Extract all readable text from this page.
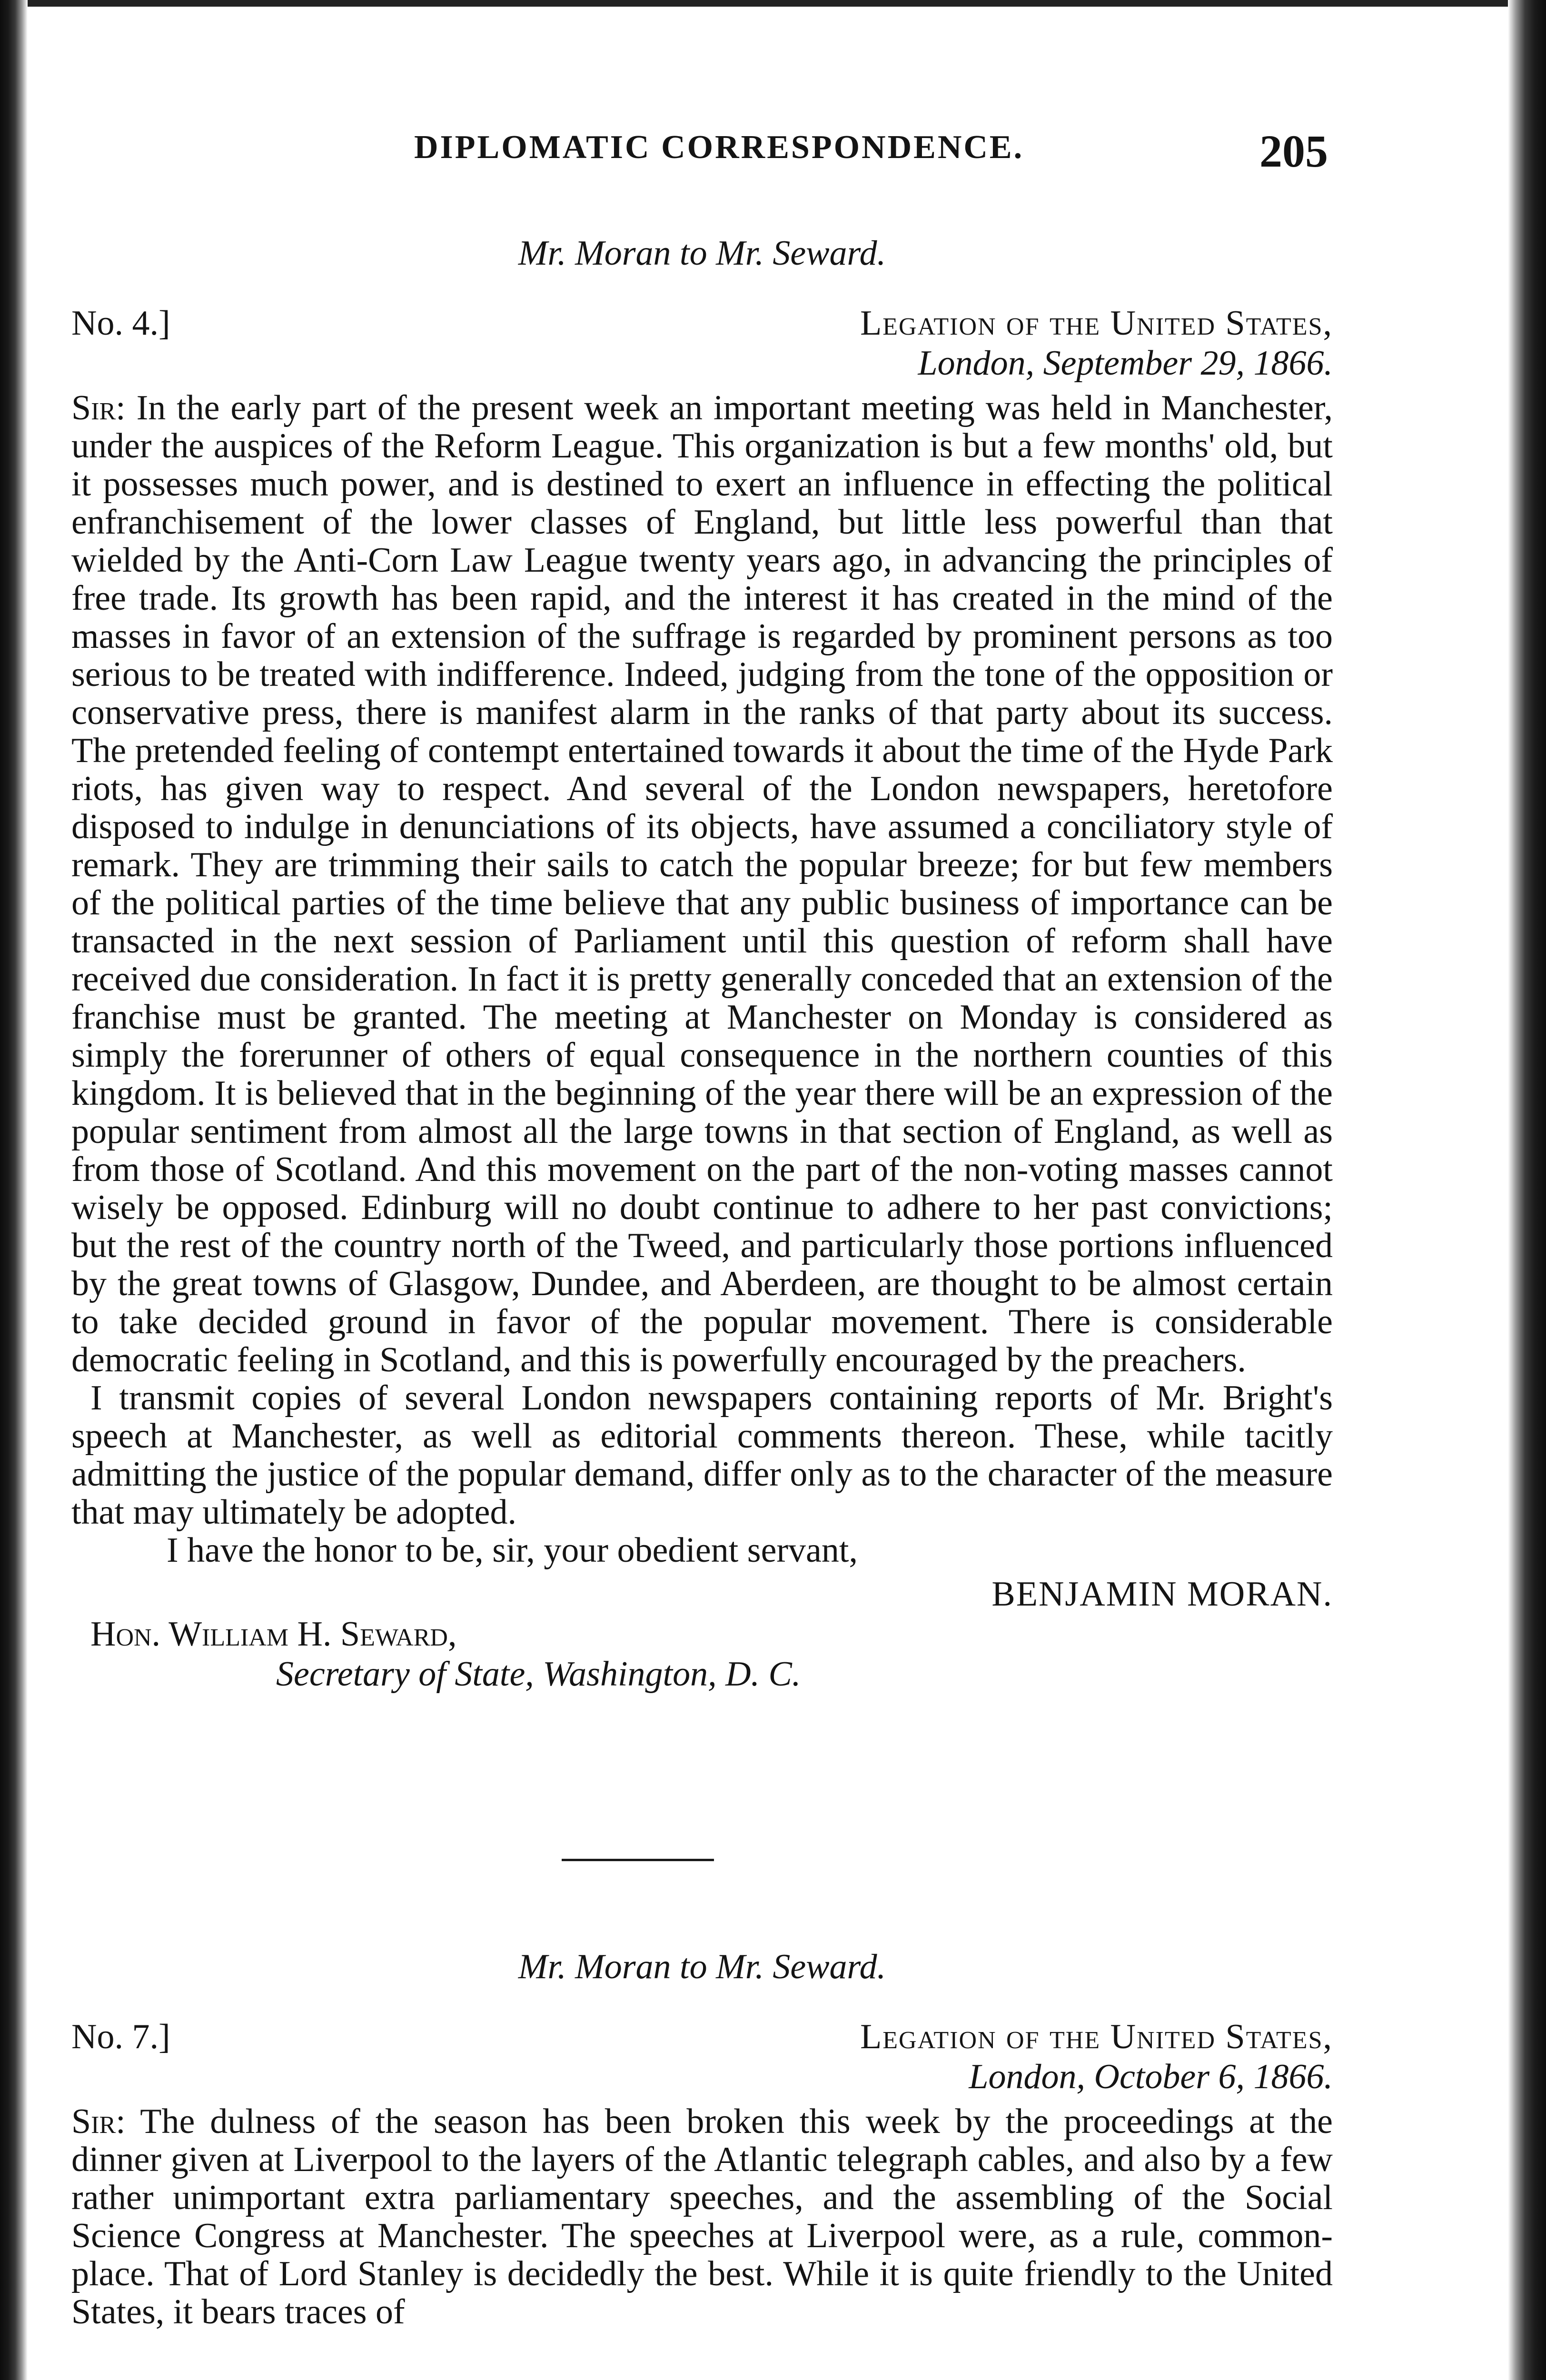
DIPLOMATIC CORRESPONDENCE.	205
Mr. Moran to Mr. Seward.
No. 4.]	Legation of the United States,
London, September 29, 1866.

Sir: In the early part of the present week an important meeting was held in Manchester, under the auspices of the Reform League. This organization is but a few months' old, but it possesses much power, and is destined to exert an influence in effecting the political enfranchisement of the lower classes of England, but little less powerful than that wielded by the Anti-Corn Law League twenty years ago, in advancing the principles of free trade. Its growth has been rapid, and the interest it has created in the mind of the masses in favor of an extension of the suffrage is regarded by prominent persons as too serious to be treated with indifference. Indeed, judging from the tone of the opposition or conservative press, there is manifest alarm in the ranks of that party about its success. The pretended feeling of contempt entertained towards it about the time of the Hyde Park riots, has given way to respect. And several of the London newspapers, heretofore disposed to indulge in denunciations of its objects, have assumed a conciliatory style of remark. They are trimming their sails to catch the popular breeze; for but few members of the political parties of the time believe that any public business of importance can be transacted in the next session of Parliament until this question of reform shall have received due consideration. In fact it is pretty generally conceded that an extension of the franchise must be granted. The meeting at Manchester on Monday is considered as simply the forerunner of others of equal consequence in the northern counties of this kingdom. It is believed that in the beginning of the year there will be an expression of the popular sentiment from almost all the large towns in that section of England, as well as from those of Scotland. And this movement on the part of the non-voting masses cannot wisely be opposed. Edinburg will no doubt continue to adhere to her past convictions; but the rest of the country north of the Tweed, and particularly those portions influenced by the great towns of Glasgow, Dundee, and Aberdeen, are thought to be almost certain to take decided ground in favor of the popular movement. There is considerable democratic feeling in Scotland, and this is powerfully encouraged by the preachers.

I transmit copies of several London newspapers containing reports of Mr. Bright's speech at Manchester, as well as editorial comments thereon. These, while tacitly admitting the justice of the popular demand, differ only as to the character of the measure that may ultimately be adopted.

I have the honor to be, sir, your obedient servant,

BENJAMIN MORAN.

Hon. William H. Seward,

Secretary of State, Washington, D. C.

Mr. Moran to Mr. Seward.
No. 7.]	Legation of the United States,
London, October 6, 1866.

Sir: The dulness of the season has been broken this week by the proceedings at the dinner given at Liverpool to the layers of the Atlantic telegraph cables, and also by a few rather unimportant extra parliamentary speeches, and the assembling of the Social Science Congress at Manchester. The speeches at Liverpool were, as a rule, common-place. That of Lord Stanley is decidedly the best. While it is quite friendly to the United States, it bears traces of
